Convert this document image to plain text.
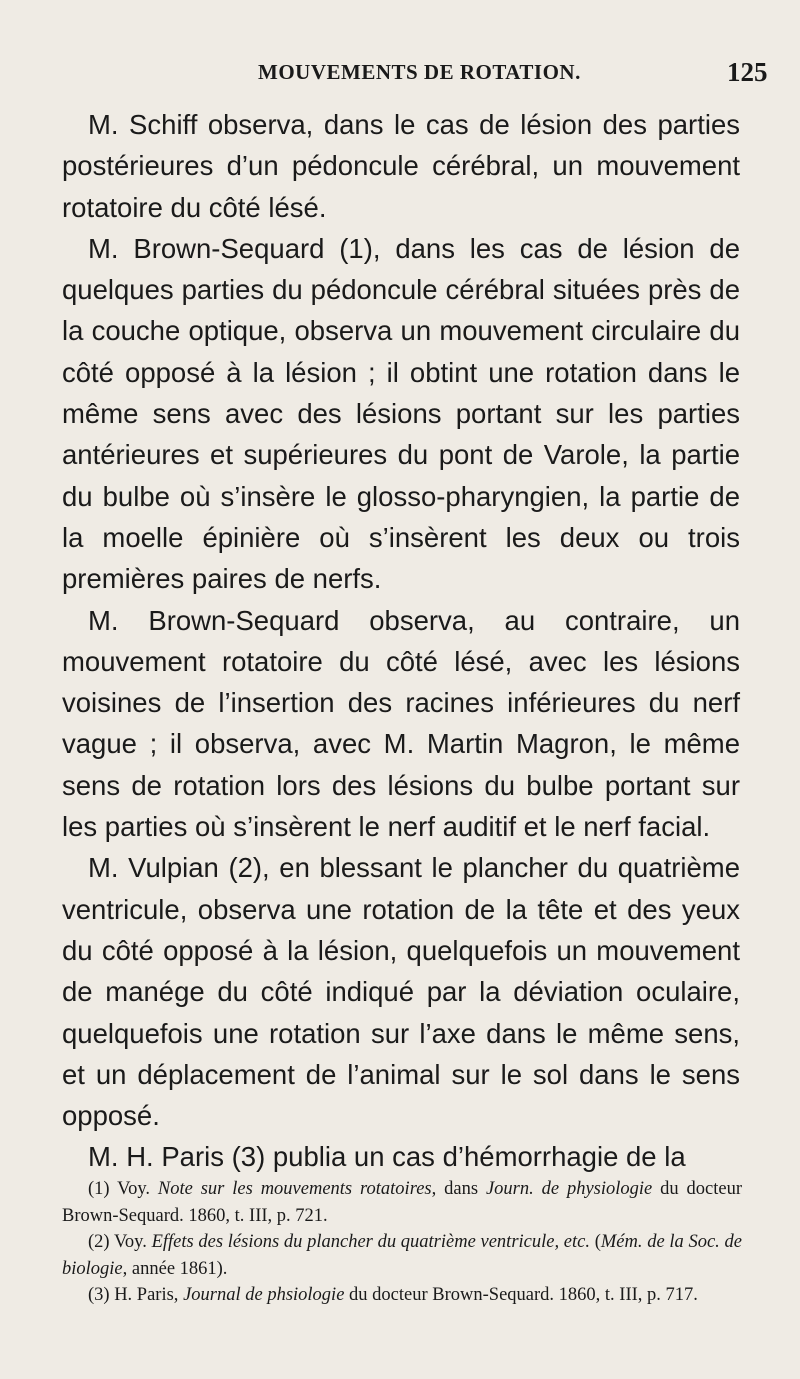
MOUVEMENTS DE ROTATION.	125

M. Schiff observa, dans le cas de lésion des parties postérieures d’un pédoncule cérébral, un mouvement rotatoire du côté lésé.

M. Brown-Sequard (1), dans les cas de lésion de quelques parties du pédoncule cérébral situées près de la couche optique, observa un mouvement circulaire du côté opposé à la lésion ; il obtint une rotation dans le même sens avec des lésions portant sur les parties antérieures et supérieures du pont de Varole, la partie du bulbe où s’insère le glosso-pharyngien, la partie de la moelle épinière où s’insèrent les deux ou trois premières paires de nerfs.

M. Brown-Sequard observa, au contraire, un mouvement rotatoire du côté lésé, avec les lésions voisines de l’insertion des racines inférieures du nerf vague ; il observa, avec M. Martin Magron, le même sens de rotation lors des lésions du bulbe portant sur les parties où s’insèrent le nerf auditif et le nerf facial.

M. Vulpian (2), en blessant le plancher du quatrième ventricule, observa une rotation de la tête et des yeux du côté opposé à la lésion, quelquefois un mouvement de manége du côté indiqué par la déviation oculaire, quelquefois une rotation sur l’axe dans le même sens, et un déplacement de l’animal sur le sol dans le sens opposé.

M. H. Paris (3) publia un cas d’hémorrhagie de la

(1) Voy. Note sur les mouvements rotatoires, dans Journ. de physiologie du docteur Brown-Sequard. 1860, t. III, p. 721.

(2) Voy. Effets des lésions du plancher du quatrième ventricule, etc. (Mém. de la Soc. de biologie, année 1861).

(3) H. Paris, Journal de phsiologie du docteur Brown-Sequard. 1860, t. III, p. 717.
